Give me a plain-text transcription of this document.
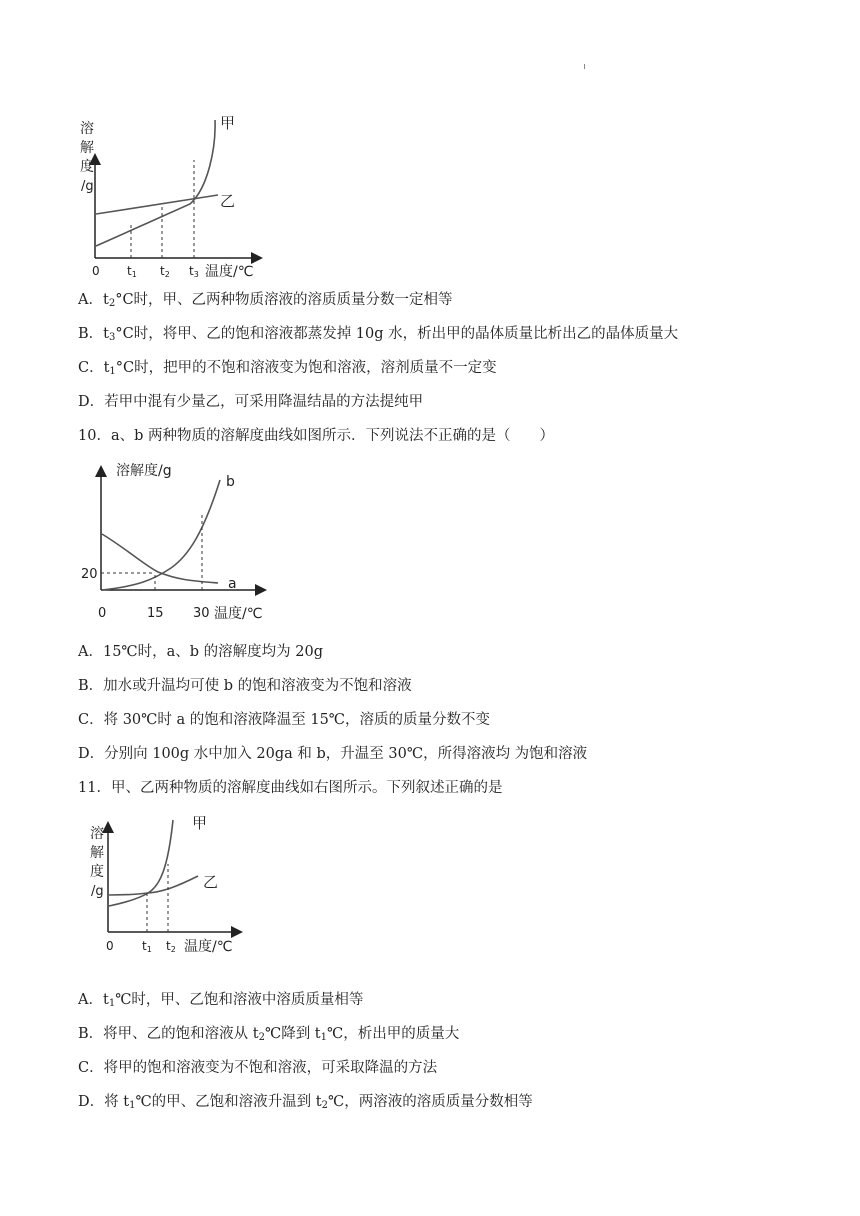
溶
解
度
/g
甲
乙
0 t1 t2 t3 温度/℃
A．$t_2^\circ C$时，甲、乙两种物质溶液的溶质质量分数一定相等
B．$t_3^\circ C$时，将甲、乙的饱和溶液都蒸发掉 10g 水，析出甲的晶体质量比析出乙的晶体质量大
C．$t_1^\circ C$时，把甲的不饱和溶液变为饱和溶液，溶剂质量不一定变
D．若甲中混有少量乙，可采用降温结晶的方法提纯甲
10．a、b 两种物质的溶解度曲线如图所示．下列说法不正确的是（　　）
溶解度/g
b
a
20
0	15 30 温度/℃
A．15℃时，a、b 的溶解度均为 20g
B．加水或升温均可使 b 的饱和溶液变为不饱和溶液
C．将 30℃时 a 的饱和溶液降温至 15℃，溶质的质量分数不变
D．分别向 100g 水中加入 20ga 和 b，升温至 30℃，所得溶液均 为饱和溶液
11．甲、乙两种物质的溶解度曲线如右图所示。下列叙述正确的是
溶
解
度
/g
甲
乙
0 t1 t2 温度/℃
A．$t_1℃$时，甲、乙饱和溶液中溶质质量相等
B．将甲、乙的饱和溶液从 $t_2℃$降到 $t_1℃$，析出甲的质量大
C．将甲的饱和溶液变为不饱和溶液，可采取降温的方法
D．将 $t_1℃$的甲、乙饱和溶液升温到 $t_2℃$，两溶液的溶质质量分数相等
